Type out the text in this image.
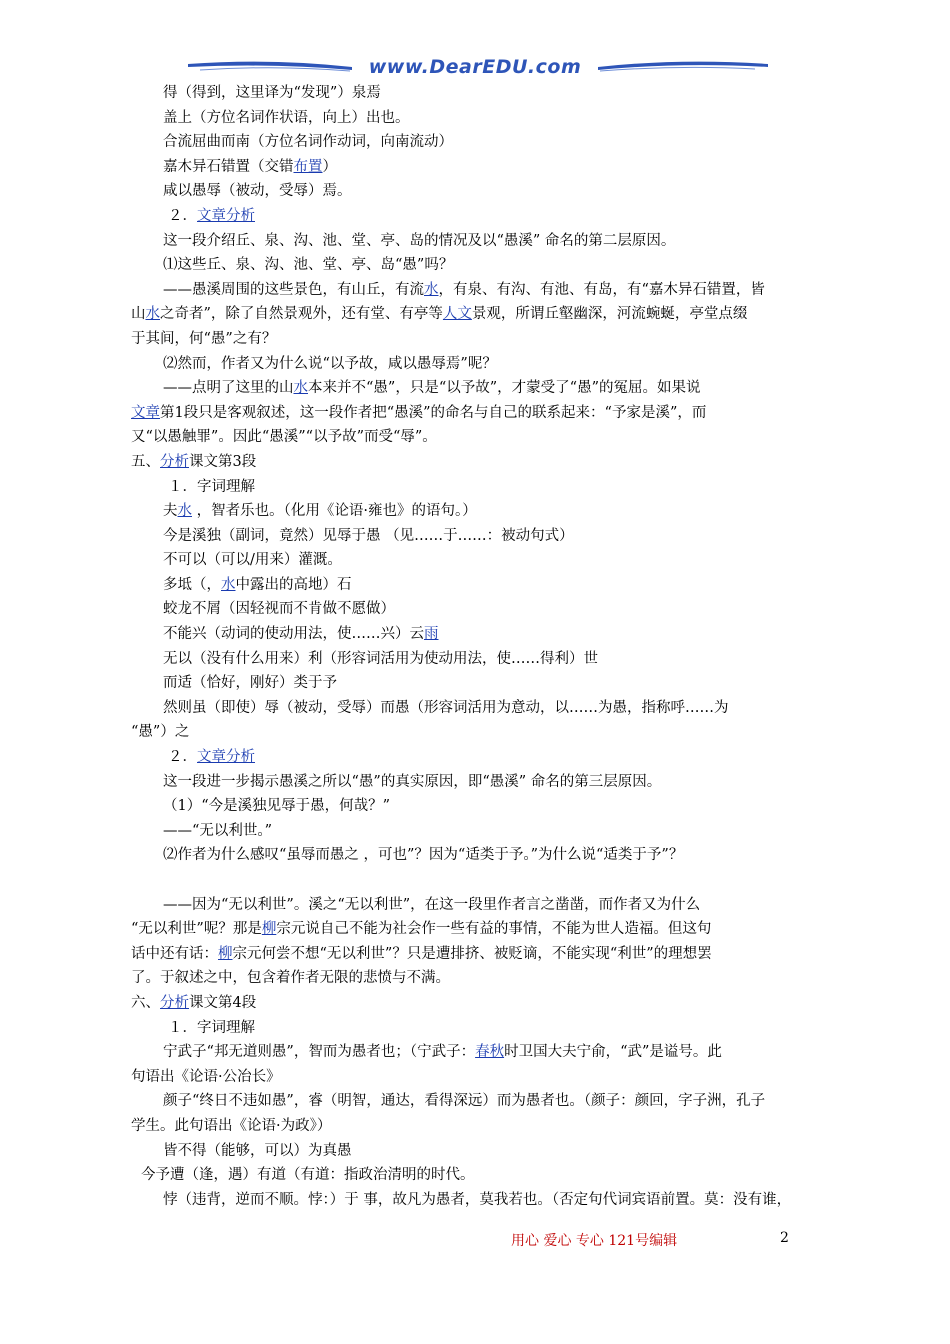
www.DearEDU.com
得（得到，这里译为“发现”）泉焉
盖上（方位名词作状语，向上）出也。
合流屈曲而南（方位名词作动词，向南流动）
嘉木异石错置（交错布置）
咸以愚辱（被动，受辱）焉。
２．文章分析
这一段介绍丘、泉、沟、池、堂、亭、岛的情况及以“愚溪” 命名的第二层原因。
⑴这些丘、泉、沟、池、堂、亭、岛“愚”吗？
——愚溪周围的这些景色，有山丘，有流水，有泉、有沟、有池、有岛，有“嘉木异石错置，皆
山水之奇者”，除了自然景观外，还有堂、有亭等人文景观，所谓丘壑幽深，河流蜿蜒，亭堂点缀
于其间，何“愚”之有？
⑵然而，作者又为什么说“以予故，咸以愚辱焉”呢？
——点明了这里的山水本来并不“愚”，只是“以予故”，才蒙受了“愚”的冤屈。如果说
文章第1段只是客观叙述，这一段作者把“愚溪”的命名与自己的联系起来：“予家是溪”，而
又“以愚触罪”。因此“愚溪”“以予故”而受“辱”。
五、分析课文第3段
１．字词理解
夫水 ，智者乐也。（化用《论语·雍也》的语句。）
今是溪独（副词，竟然）见辱于愚 （见……于……：被动句式）
不可以（可以/用来）灌溉。
多坻（，水中露出的高地）石
蛟龙不屑（因轻视而不肯做不愿做）
不能兴（动词的使动用法，使……兴）云雨
无以（没有什么用来）利（形容词活用为使动用法，使……得利）世
而适（恰好，刚好）类于予
然则虽（即使）辱（被动，受辱）而愚（形容词活用为意动，以……为愚，指称呼……为
“愚”）之
２．文章分析
这一段进一步揭示愚溪之所以“愚”的真实原因，即“愚溪” 命名的第三层原因。
（1）“今是溪独见辱于愚，何哉？”
——“无以利世。”
⑵作者为什么感叹“虽辱而愚之 ，可也”？因为“适类于予。”为什么说“适类于予”？
——因为“无以利世”。溪之“无以利世”，在这一段里作者言之凿凿，而作者又为什么
“无以利世”呢？那是柳宗元说自己不能为社会作一些有益的事情，不能为世人造福。但这句
话中还有话：柳宗元何尝不想“无以利世”？只是遭排挤、被贬谪，不能实现“利世”的理想罢
了。于叙述之中，包含着作者无限的悲愤与不满。
六、分析课文第4段
１．字词理解
宁武子“邦无道则愚”，智而为愚者也；（宁武子：春秋时卫国大夫宁俞，“武”是谥号。此
句语出《论语·公冶长》
颜子“终日不违如愚”，睿（明智，通达，看得深远）而为愚者也。（颜子：颜回，字子洲，孔子
学生。此句语出《论语·为政》）
皆不得（能够，可以）为真愚
今予遭（逢，遇）有道（有道：指政治清明的时代。
悖（违背，逆而不顺。悖：）于 事，故凡为愚者，莫我若也。（否定句代词宾语前置。莫：没有谁，
用心 爱心 专心 121号编辑	2
